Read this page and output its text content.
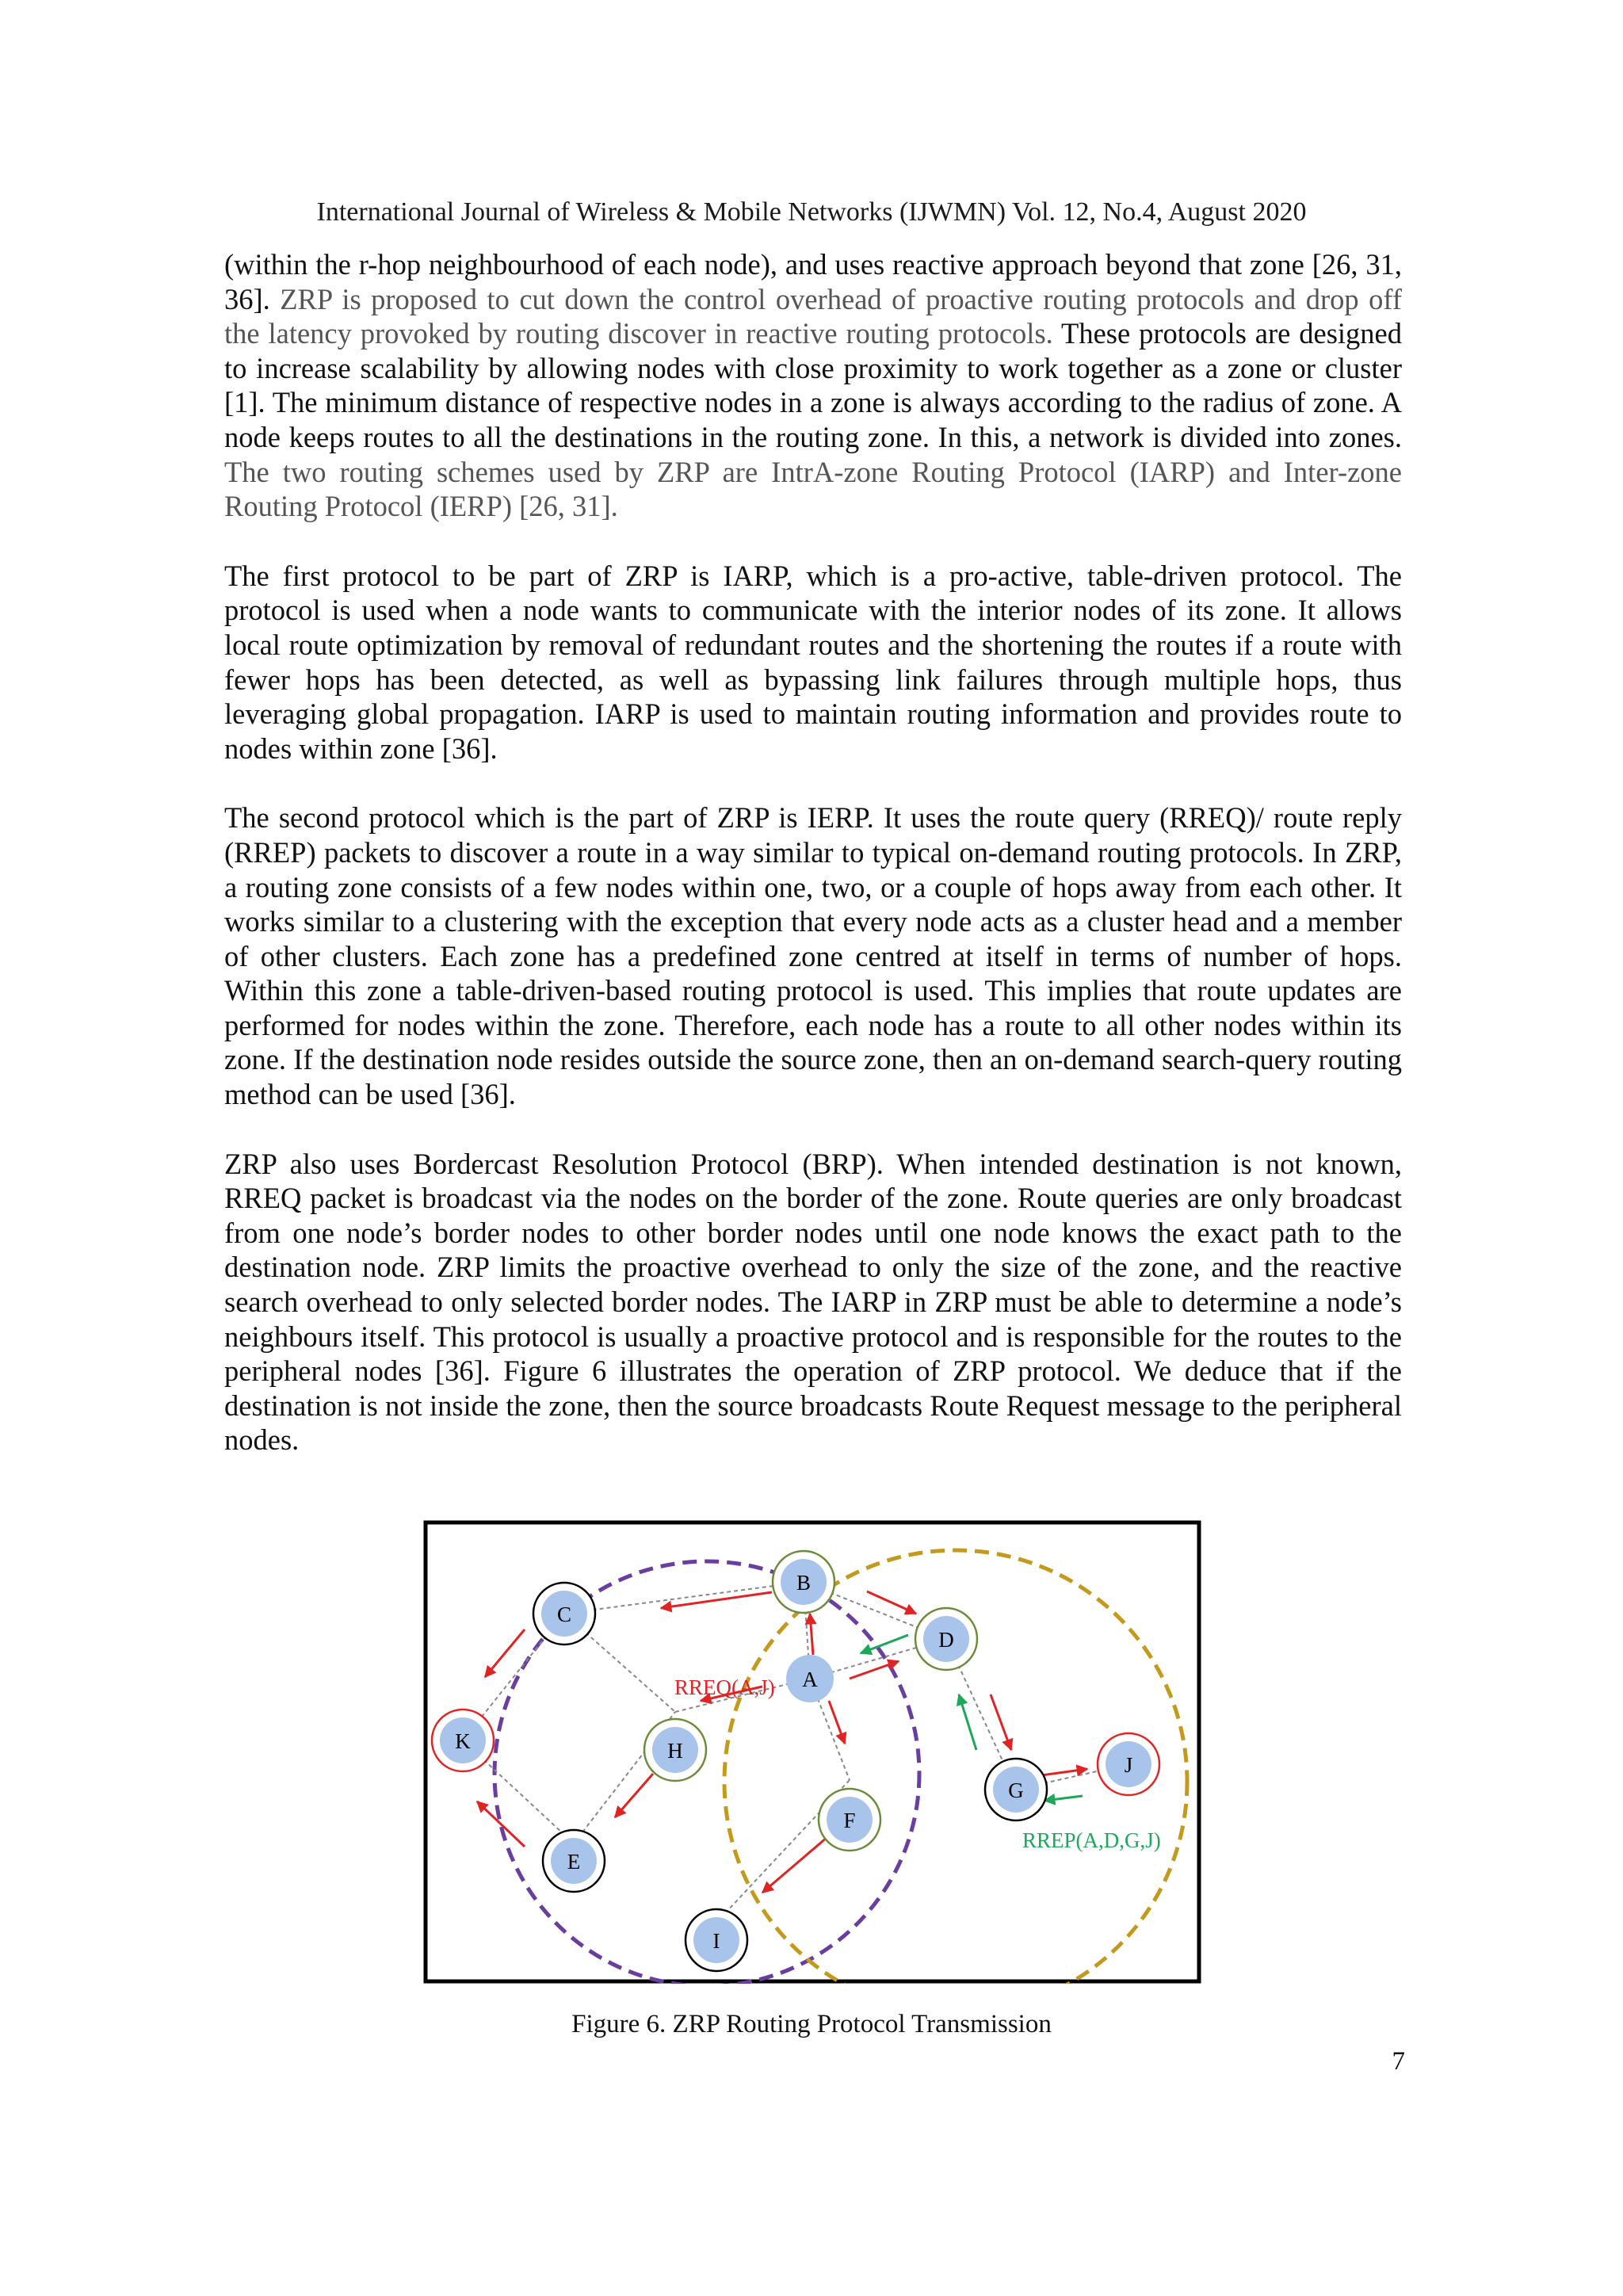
International Journal of Wireless & Mobile Networks (IJWMN) Vol. 12, No.4, August 2020

(within the r-hop neighbourhood of each node), and uses reactive approach beyond that zone [26, 31, 36]. ZRP is proposed to cut down the control overhead of proactive routing protocols and drop off the latency provoked by routing discover in reactive routing protocols. These protocols are designed to increase scalability by allowing nodes with close proximity to work together as a zone or cluster [1]. The minimum distance of respective nodes in a zone is always according to the radius of zone. A node keeps routes to all the destinations in the routing zone. In this, a network is divided into zones. The two routing schemes used by ZRP are IntrA-zone Routing Protocol (IARP) and Inter-zone Routing Protocol (IERP) [26, 31].

The first protocol to be part of ZRP is IARP, which is a pro-active, table-driven protocol. The protocol is used when a node wants to communicate with the interior nodes of its zone. It allows local route optimization by removal of redundant routes and the shortening the routes if a route with fewer hops has been detected, as well as bypassing link failures through multiple hops, thus leveraging global propagation. IARP is used to maintain routing information and provides route to nodes within zone [36].

The second protocol which is the part of ZRP is IERP. It uses the route query (RREQ)/ route reply (RREP) packets to discover a route in a way similar to typical on-demand routing protocols. In ZRP, a routing zone consists of a few nodes within one, two, or a couple of hops away from each other. It works similar to a clustering with the exception that every node acts as a cluster head and a member of other clusters. Each zone has a predefined zone centred at itself in terms of number of hops. Within this zone a table-driven-based routing protocol is used. This implies that route updates are performed for nodes within the zone. Therefore, each node has a route to all other nodes within its zone. If the destination node resides outside the source zone, then an on-demand search-query routing method can be used [36].

ZRP also uses Bordercast Resolution Protocol (BRP). When intended destination is not known, RREQ packet is broadcast via the nodes on the border of the zone. Route queries are only broadcast from one node’s border nodes to other border nodes until one node knows the exact path to the destination node. ZRP limits the proactive overhead to only the size of the zone, and the reactive search overhead to only selected border nodes. The IARP in ZRP must be able to determine a node’s neighbours itself. This protocol is usually a proactive protocol and is responsible for the routes to the peripheral nodes [36]. Figure 6 illustrates the operation of ZRP protocol. We deduce that if the destination is not inside the zone, then the source broadcasts Route Request message to the peripheral nodes.

B
C
D
A
K	H
G
J
F
E
I
RREQ(A,J)
RREP(A,D,G,J)
Figure 6. ZRP Routing Protocol Transmission
7
